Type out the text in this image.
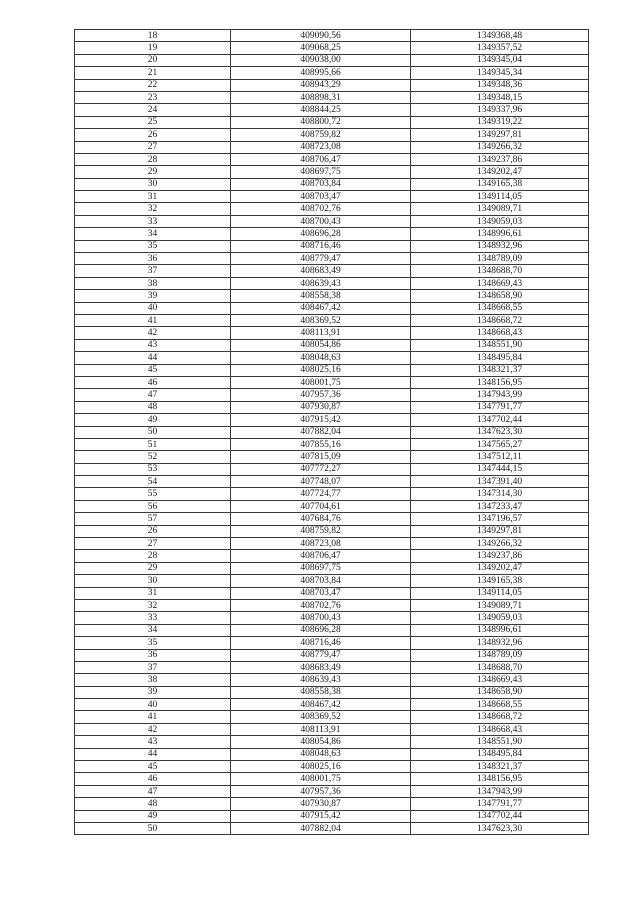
18	409090,56	1349368,48
19	409068,25	1349357,52
20	409038,00	1349345,04
21	408995,66	1349345,34
22	408943,29	1349348,36
23	408898,31	1349348,15
24	408844,25	1349337,96
25	408800,72	1349319,22
26	408759,82	1349297,81
27	408723,08	1349266,32
28	408706,47	1349237,86
29	408697,75	1349202,47
30	408703,84	1349165,38
31	408703,47	1349114,05
32	408702,76	1349089,71
33	408700,43	1349059,03
34	408696,28	1348996,61
35	408716,46	1348932,96
36	408779,47	1348789,09
37	408683,49	1348688,70
38	408639,43	1348669,43
39	408558,38	1348658,90
40	408467,42	1348668,55
41	408369,52	1348668,72
42	408113,91	1348668,43
43	408054,86	1348551,90
44	408048,63	1348495,84
45	408025,16	1348321,37
46	408001,75	1348156,95
47	407957,36	1347943,99
48	407930,87	1347791,77
49	407915,42	1347702,44
50	407882,04	1347623,30
51	407855,16	1347565,27
52	407815,09	1347512,11
53	407772,27	1347444,15
54	407748,07	1347391,40
55	407724,77	1347314,30
56	407704,61	1347233,47
57	407684,76	1347196,57
26	408759,82	1349297,81
27	408723,08	1349266,32
28	408706,47	1349237,86
29	408697,75	1349202,47
30	408703,84	1349165,38
31	408703,47	1349114,05
32	408702,76	1349089,71
33	408700,43	1349059,03
34	408696,28	1348996,61
35	408716,46	1348932,96
36	408779,47	1348789,09
37	408683,49	1348688,70
38	408639,43	1348669,43
39	408558,38	1348658,90
40	408467,42	1348668,55
41	408369,52	1348668,72
42	408113,91	1348668,43
43	408054,86	1348551,90
44	408048,63	1348495,84
45	408025,16	1348321,37
46	408001,75	1348156,95
47	407957,36	1347943,99
48	407930,87	1347791,77
49	407915,42	1347702,44
50	407882,04	1347623,30
